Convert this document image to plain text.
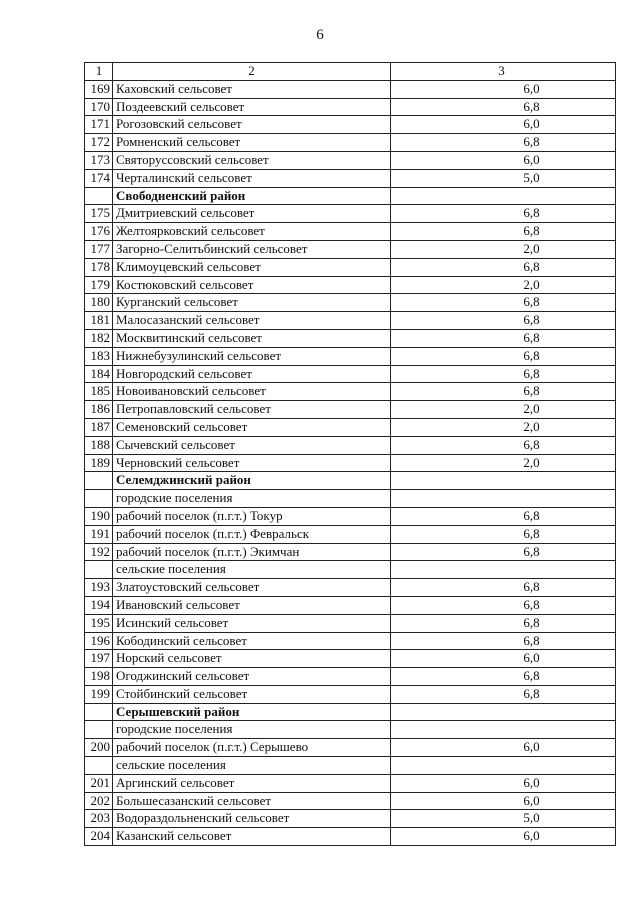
6
1	2	3
169	Каховский сельсовет	6,0
170	Поздеевский сельсовет	6,8
171	Рогозовский сельсовет	6,0
172	Ромненский сельсовет	6,8
173	Святоруссовский сельсовет	6,0
174	Черталинский сельсовет	5,0
	Свободненский район	
175	Дмитриевский сельсовет	6,8
176	Желтоярковский сельсовет	6,8
177	Загорно-Селитьбинский сельсовет	2,0
178	Климоуцевский сельсовет	6,8
179	Костюковский сельсовет	2,0
180	Курганский сельсовет	6,8
181	Малосазанский сельсовет	6,8
182	Москвитинский сельсовет	6,8
183	Нижнебузулинский сельсовет	6,8
184	Новгородский сельсовет	6,8
185	Новоивановский сельсовет	6,8
186	Петропавловский сельсовет	2,0
187	Семеновский сельсовет	2,0
188	Сычевский сельсовет	6,8
189	Черновский сельсовет	2,0
	Селемджинский район	
	городские поселения	
190	рабочий поселок (п.г.т.) Токур	6,8
191	рабочий поселок (п.г.т.) Февральск	6,8
192	рабочий поселок (п.г.т.) Экимчан	6,8
	сельские поселения	
193	Златоустовский сельсовет	6,8
194	Ивановский сельсовет	6,8
195	Исинский сельсовет	6,8
196	Кободинский сельсовет	6,8
197	Норский сельсовет	6,0
198	Огоджинский сельсовет	6,8
199	Стойбинский сельсовет	6,8
	Серышевский район	
	городские поселения	
200	рабочий поселок (п.г.т.) Серышево	6,0
	сельские поселения	
201	Аргинский сельсовет	6,0
202	Большесазанский сельсовет	6,0
203	Водораздольненский сельсовет	5,0
204	Казанский сельсовет	6,0
